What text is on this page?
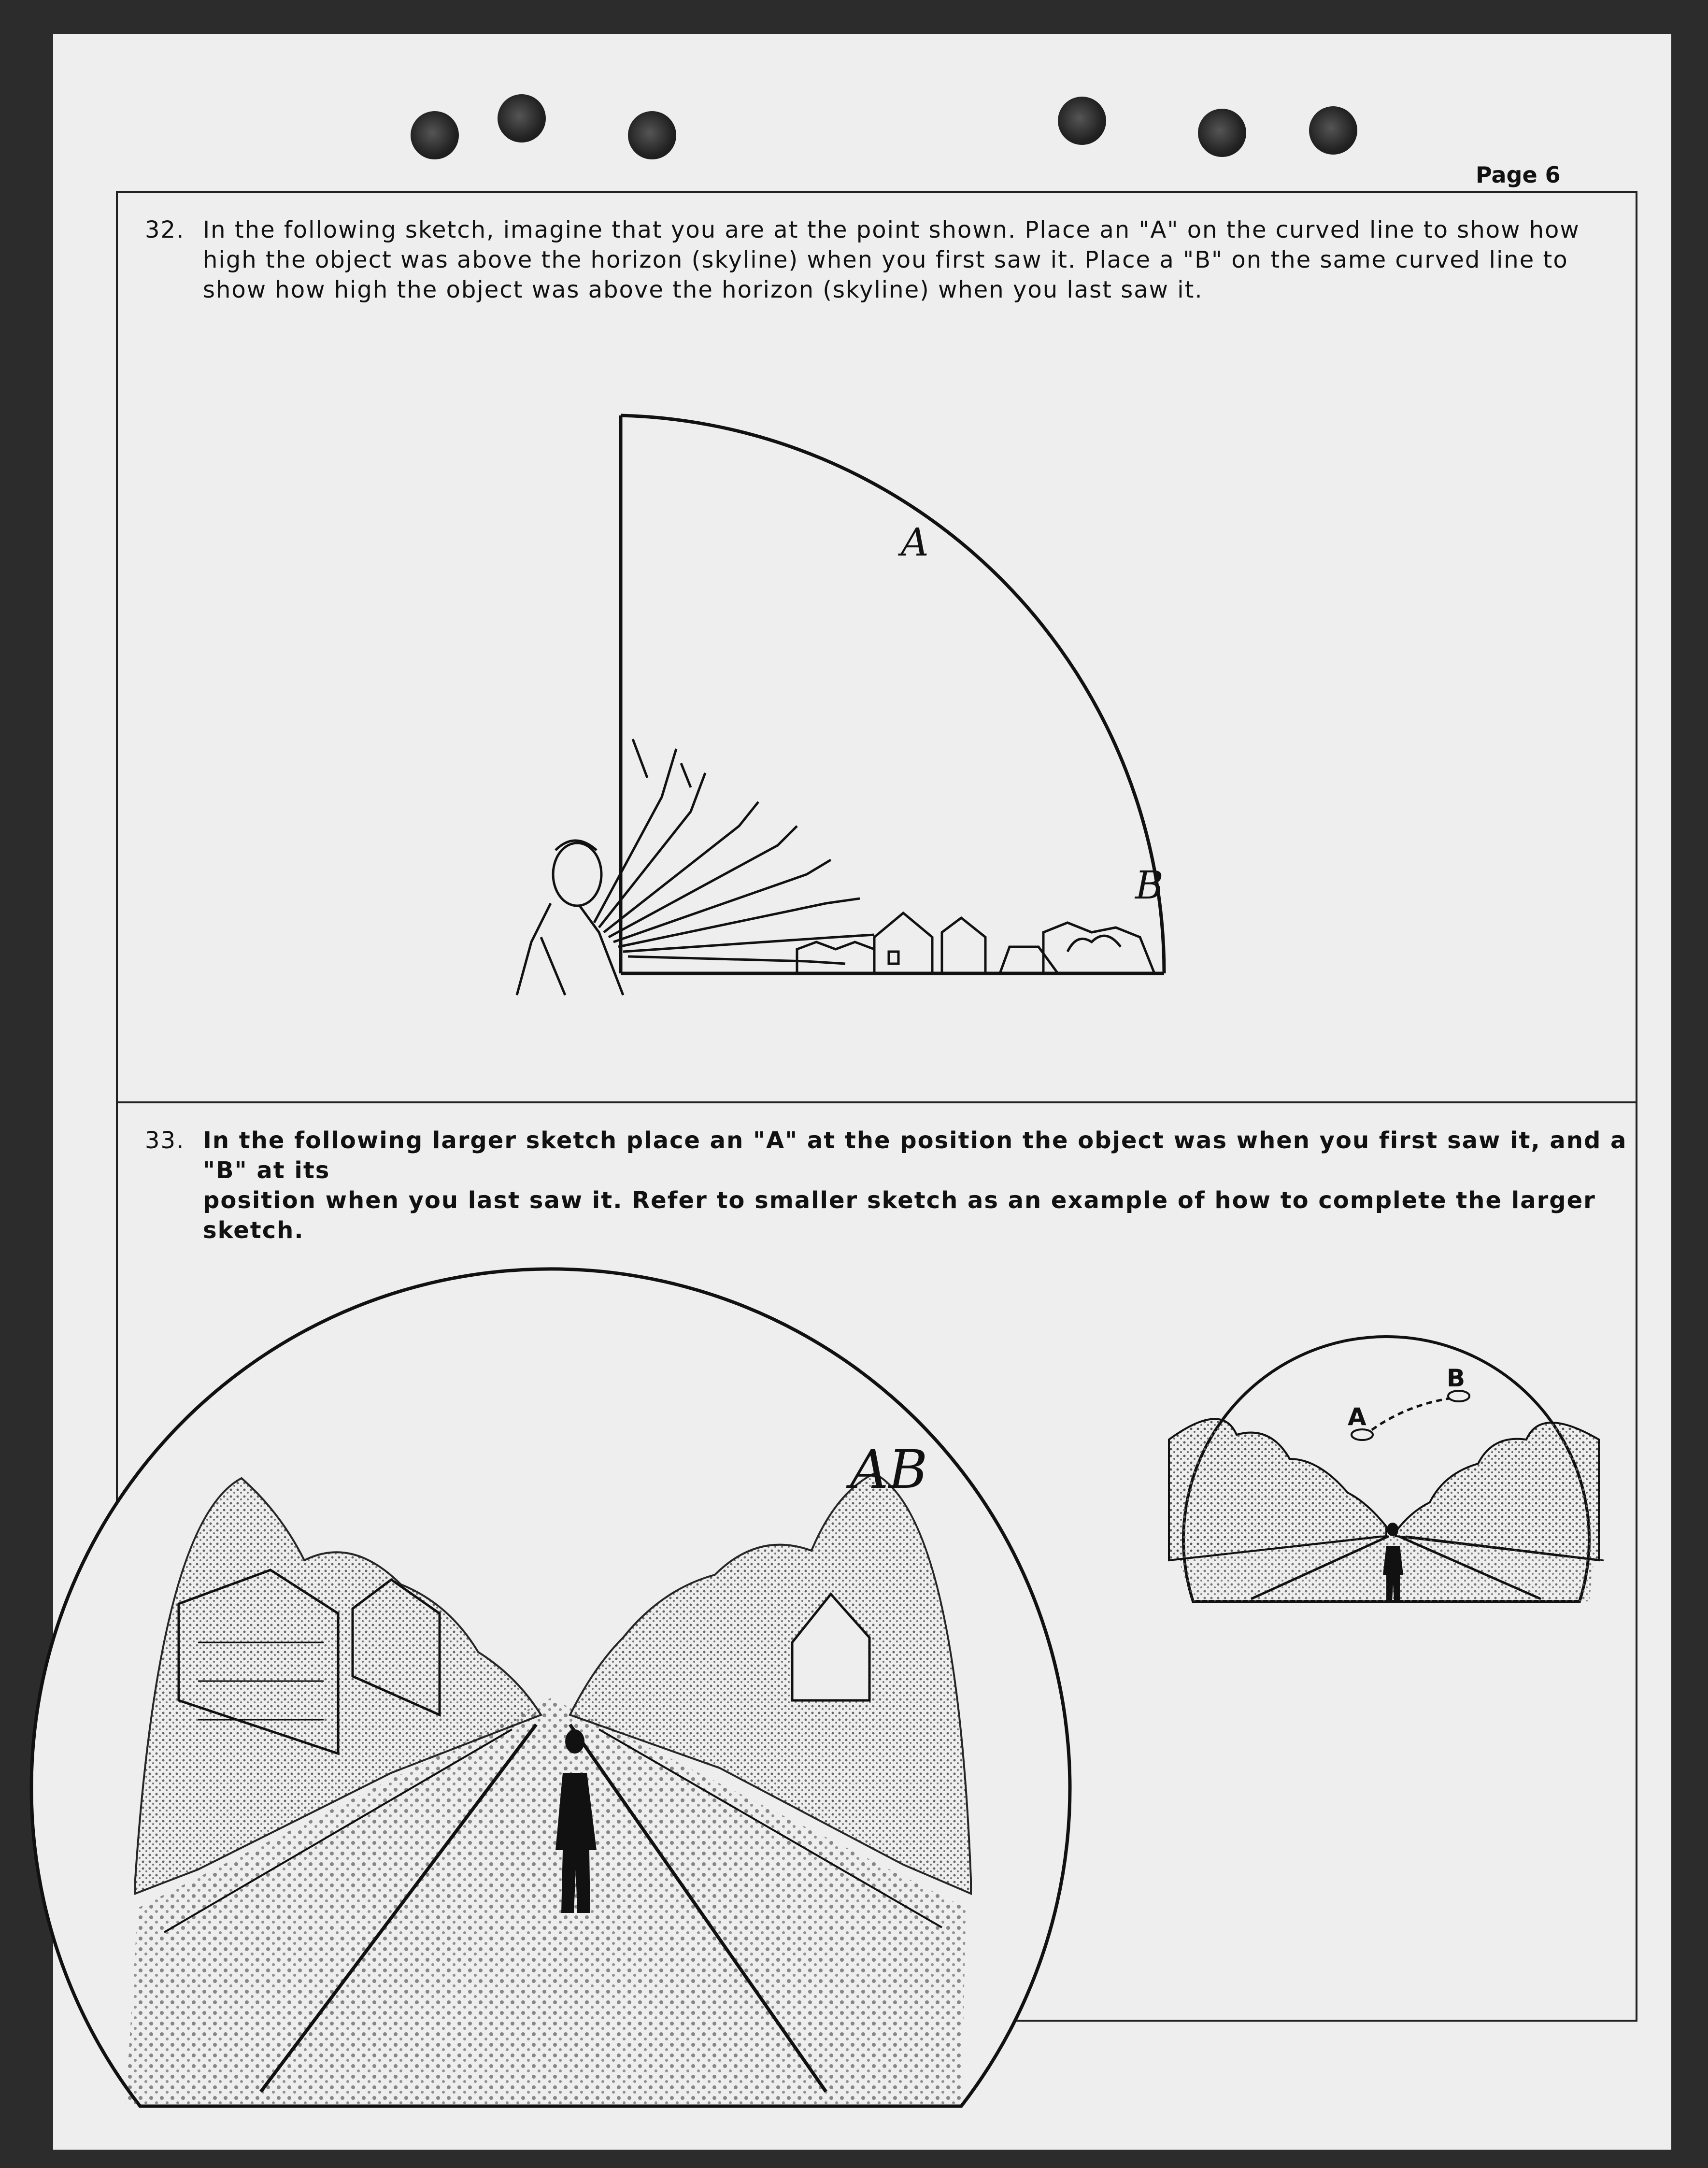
Page 6
32. In the following sketch, imagine that you are at the point shown. Place an "A" on the curved line to show how
high the object was above the horizon (skyline) when you first saw it. Place a "B" on the same curved line to
show how high the object was above the horizon (skyline) when you last saw it.
A
B
33. In the following larger sketch place an "A" at the position the object was when you first saw it, and a "B" at its
position when you last saw it. Refer to smaller sketch as an example of how to complete the larger sketch.
AB
A
B
